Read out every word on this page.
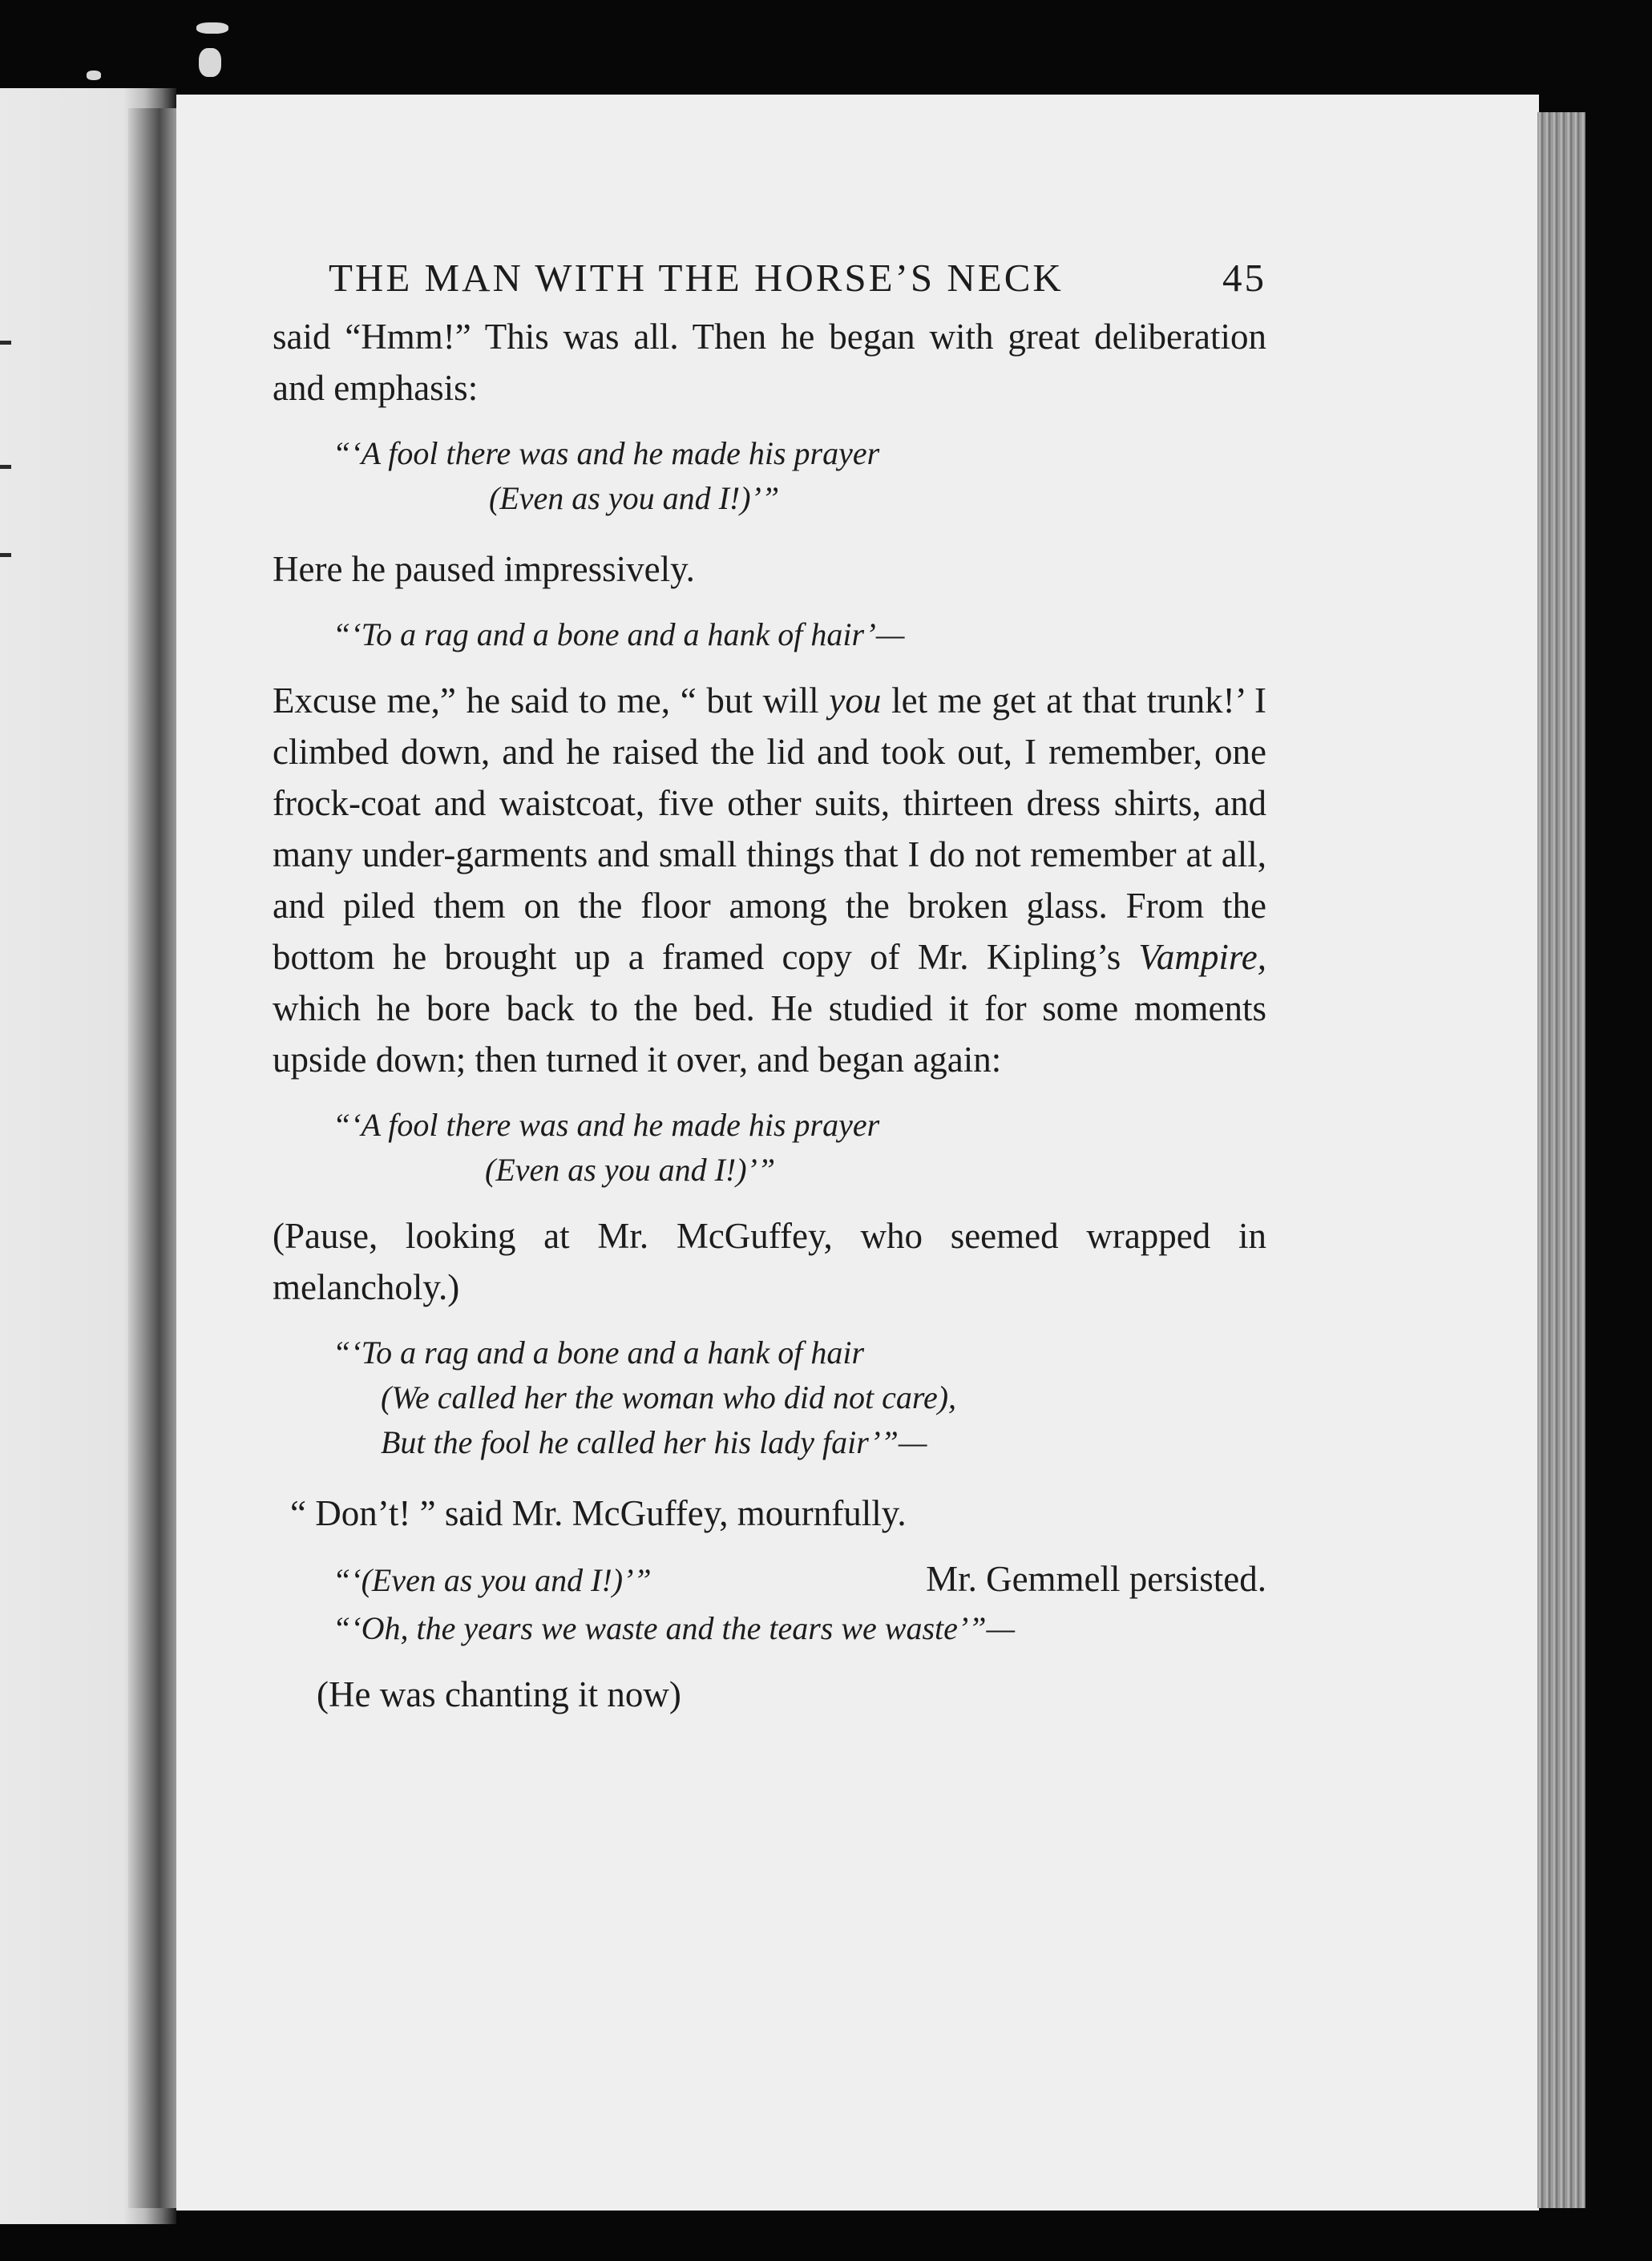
THE MAN WITH THE HORSE’S NECK	45

said “Hmm!” This was all. Then he began with great deliberation and emphasis:

“‘A fool there was and he made his prayer
(Even as you and I!)’”

Here he paused impressively.

“‘To a rag and a bone and a hank of hair’—

Excuse me,” he said to me, “ but will you let me get at that trunk!’ I climbed down, and he raised the lid and took out, I remember, one frock-coat and waistcoat, five other suits, thirteen dress shirts, and many under-garments and small things that I do not remember at all, and piled them on the floor among the broken glass. From the bottom he brought up a framed copy of Mr. Kipling’s Vampire, which he bore back to the bed. He studied it for some moments upside down; then turned it over, and began again:

“‘A fool there was and he made his prayer
(Even as you and I!)’”

(Pause, looking at Mr. McGuffey, who seemed wrapped in melancholy.)

“‘To a rag and a bone and a hank of hair
(We called her the woman who did not care),
But the fool he called her his lady fair’”—

“ Don’t! ” said Mr. McGuffey, mournfully.

“‘(Even as you and I!)’”	Mr. Gemmell persisted.

“‘Oh, the years we waste and the tears we waste’”—

(He was chanting it now)
